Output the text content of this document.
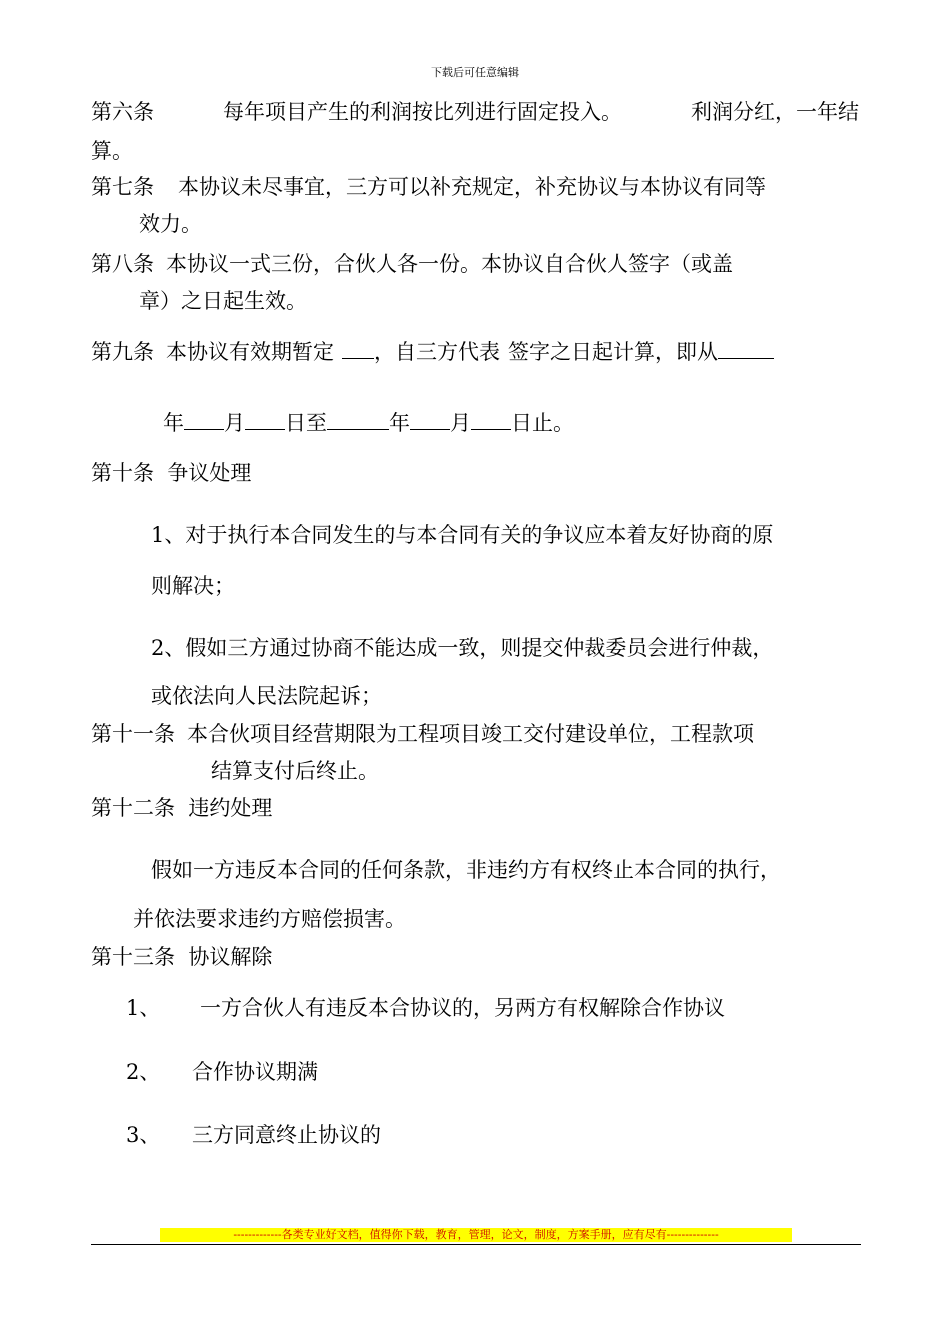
下载后可任意编辑
第六条	每年项目产生的利润按比列进行固定投入。	利润分红，一年结
算。
第七条 本协议未尽事宜，三方可以补充规定，补充协议与本协议有同等
效力。
第八条 本协议一式三份，合伙人各一份。本协议自合伙人签字（或盖
章）之日起生效。
第九条 本协议有效期暂定 ，自三方代表 签字之日起计算，即从
年 月 日至	年 月 日止。
第十条  争议处理
1、对于执行本合同发生的与本合同有关的争议应本着友好协商的原
则解决；
2、假如三方通过协商不能达成一致，则提交仲裁委员会进行仲裁，
或依法向人民法院起诉；
第十一条 本合伙项目经营期限为工程项目竣工交付建设单位，工程款项
结算支付后终止。
第十二条  违约处理
假如一方违反本合同的任何条款，非违约方有权终止本合同的执行，
并依法要求违约方赔偿损害。
第十三条  协议解除
1、 一方合伙人有违反本合协议的，另两方有权解除合作协议
2、 合作协议期满
3、 三方同意终止协议的
-------------各类专业好文档，值得你下载，教育，管理，论文，制度，方案手册，应有尽有--------------
